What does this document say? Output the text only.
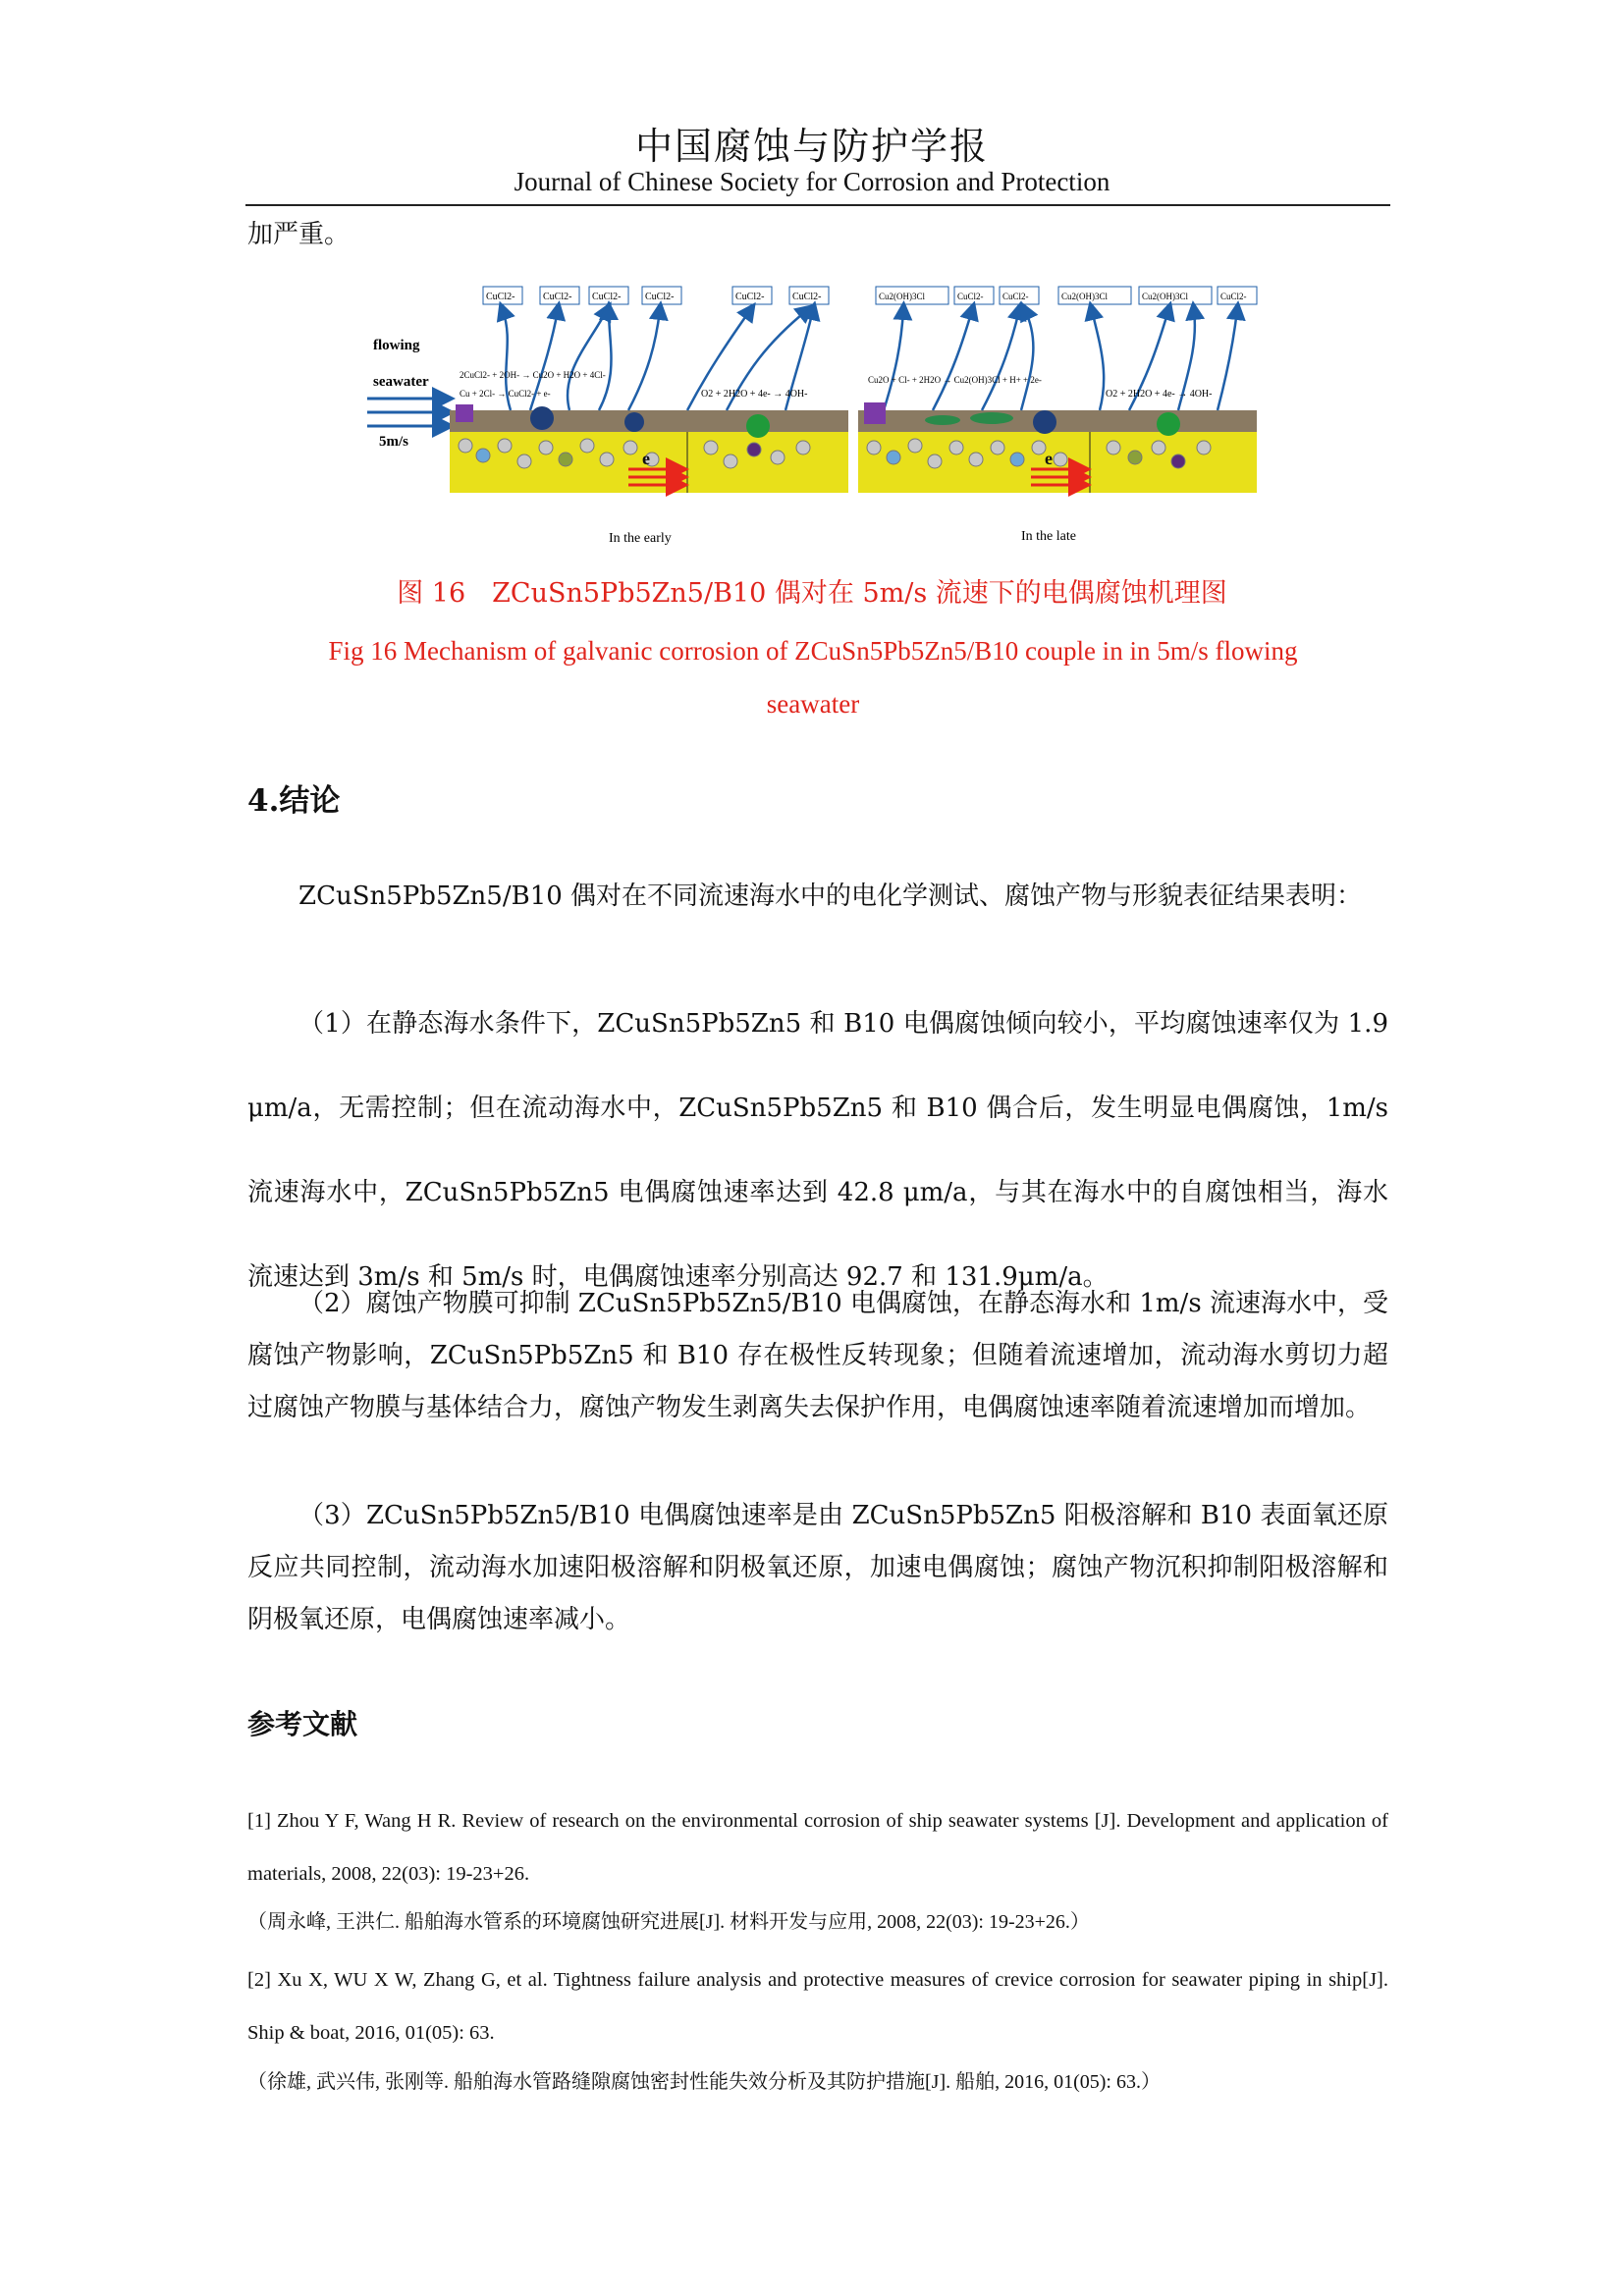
中国腐蚀与防护学报
Journal of Chinese Society for Corrosion and Protection
加严重。
flowing
seawater
5m/s
CuCl2-	CuCl2- CuCl2- CuCl2-	CuCl2-	CuCl2-
2CuCl2- + 2OH- → Cu2O + H2O + 4Cl-
Cu + 2Cl- → CuCl2- + e-	O2 + 2H2O + 4e- → 4OH-
e
ZCuSn5Pb5Zn5 (anode)	B10 (cathode)
In the early
Cu2(OH)3Cl	CuCl2- CuCl2-	Cu2(OH)3Cl	Cu2(OH)3Cl	CuCl2-
Cu2O + Cl- + 2H2O → Cu2(OH)3Cl + H+ + 2e-
O2 + 2H2O + 4e- → 4OH-
e
ZCuSn5Pb5Zn5 (anode)	B10 (cathode)
In the late
图 16　ZCuSn5Pb5Zn5/B10 偶对在 5m/s 流速下的电偶腐蚀机理图
Fig 16 Mechanism of galvanic corrosion of ZCuSn5Pb5Zn5/B10 couple in in 5m/s flowing seawater
4.结论
ZCuSn5Pb5Zn5/B10 偶对在不同流速海水中的电化学测试、腐蚀产物与形貌表征结果表明：
（1）在静态海水条件下，ZCuSn5Pb5Zn5 和 B10 电偶腐蚀倾向较小，平均腐蚀速率仅为 1.9 μm/a，无需控制；但在流动海水中，ZCuSn5Pb5Zn5 和 B10 偶合后，发生明显电偶腐蚀，1m/s 流速海水中，ZCuSn5Pb5Zn5 电偶腐蚀速率达到 42.8 μm/a，与其在海水中的自腐蚀相当，海水流速达到 3m/s 和 5m/s 时，电偶腐蚀速率分别高达 92.7 和 131.9μm/a。
（2）腐蚀产物膜可抑制 ZCuSn5Pb5Zn5/B10 电偶腐蚀，在静态海水和 1m/s 流速海水中，受腐蚀产物影响，ZCuSn5Pb5Zn5 和 B10 存在极性反转现象；但随着流速增加，流动海水剪切力超过腐蚀产物膜与基体结合力，腐蚀产物发生剥离失去保护作用，电偶腐蚀速率随着流速增加而增加。
（3）ZCuSn5Pb5Zn5/B10 电偶腐蚀速率是由 ZCuSn5Pb5Zn5 阳极溶解和 B10 表面氧还原反应共同控制，流动海水加速阳极溶解和阴极氧还原，加速电偶腐蚀；腐蚀产物沉积抑制阳极溶解和阴极氧还原，电偶腐蚀速率减小。
参考文献
[1] Zhou Y F, Wang H R. Review of research on the environmental corrosion of ship seawater systems [J]. Development and application of materials, 2008, 22(03): 19-23+26.
（周永峰, 王洪仁. 船舶海水管系的环境腐蚀研究进展[J]. 材料开发与应用, 2008, 22(03): 19-23+26.）
[2] Xu X, WU X W, Zhang G, et al. Tightness failure analysis and protective measures of crevice corrosion for seawater piping in ship[J]. Ship & boat, 2016, 01(05): 63.
（徐雄, 武兴伟, 张刚等. 船舶海水管路缝隙腐蚀密封性能失效分析及其防护措施[J]. 船舶, 2016, 01(05): 63.）
